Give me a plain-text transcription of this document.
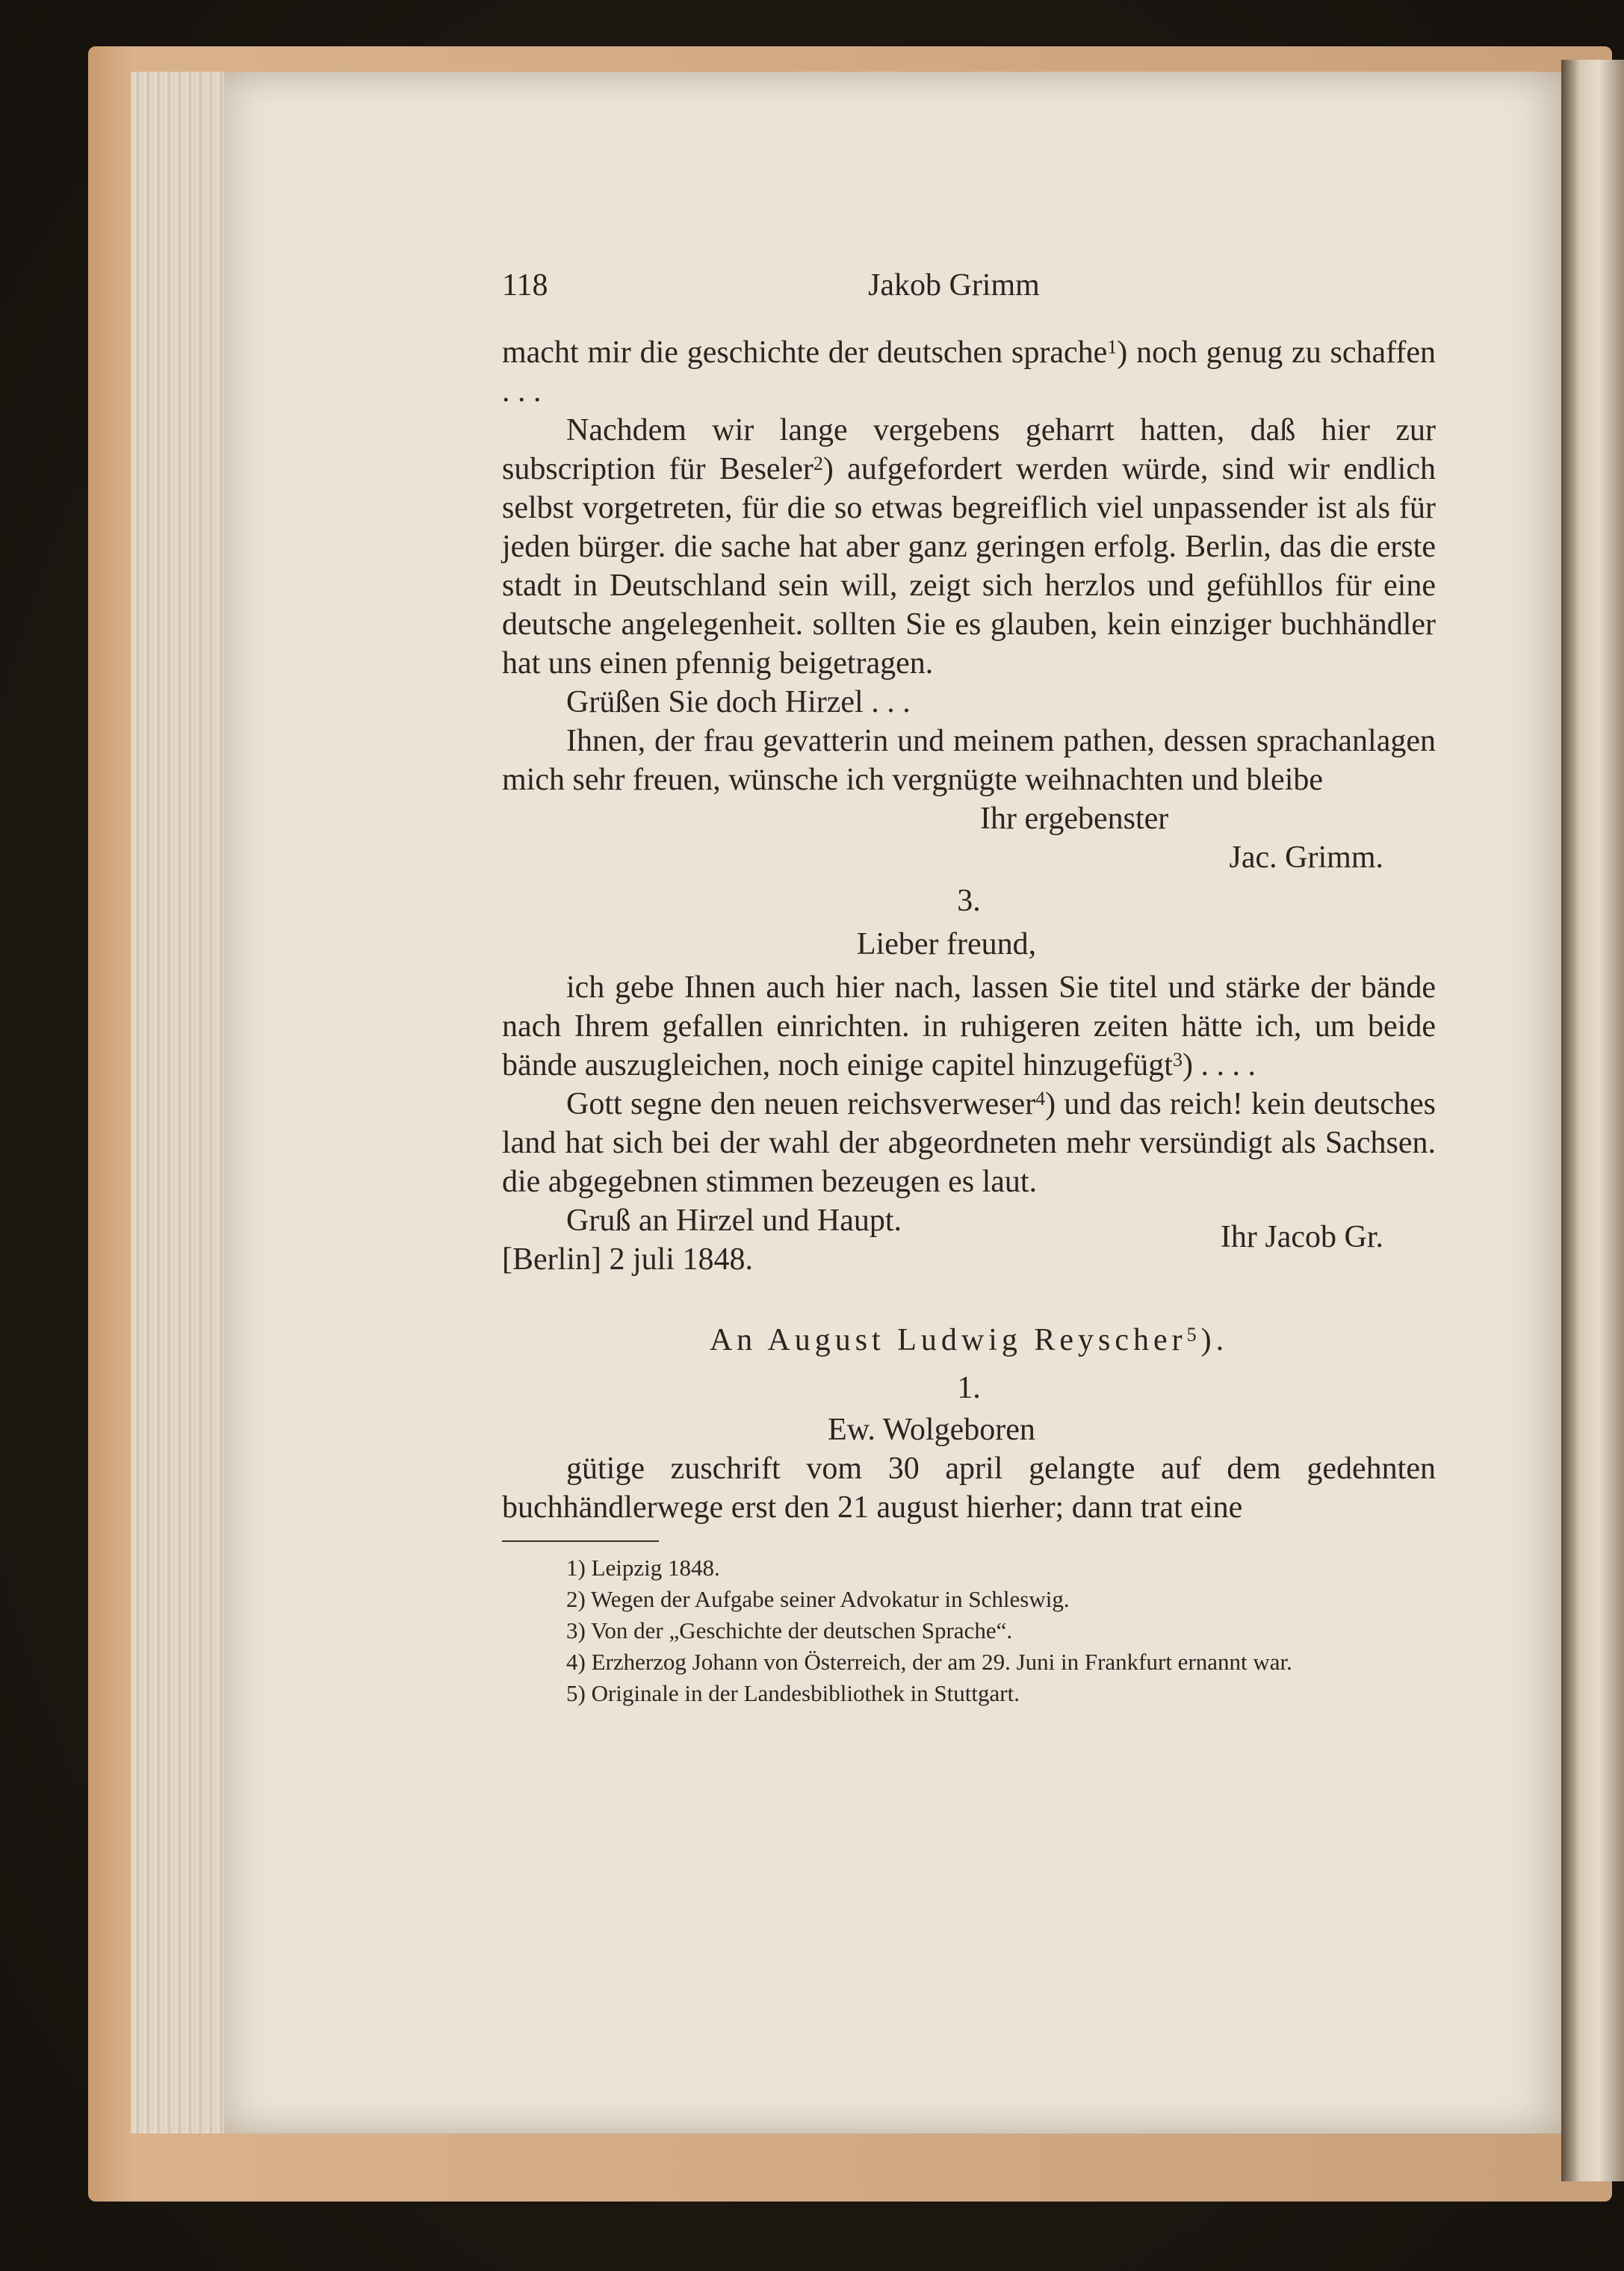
118	Jakob Grimm

macht mir die geschichte der deutschen sprache$^1$) noch genug zu schaffen . . .

Nachdem wir lange vergebens geharrt hatten, daß hier zur subscription für Beseler$^2$) aufgefordert werden würde, sind wir endlich selbst vorgetreten, für die so etwas begreiflich viel unpassender ist als für jeden bürger. die sache hat aber ganz geringen erfolg. Berlin, das die erste stadt in Deutschland sein will, zeigt sich herzlos und gefühllos für eine deutsche angelegenheit. sollten Sie es glauben, kein einziger buchhändler hat uns einen pfennig beigetragen.

Grüßen Sie doch Hirzel . . .

Ihnen, der frau gevatterin und meinem pathen, dessen sprachanlagen mich sehr freuen, wünsche ich vergnügte weihnachten und bleibe

Ihr ergebenster

Jac. Grimm.

3.

Lieber freund,

ich gebe Ihnen auch hier nach, lassen Sie titel und stärke der bände nach Ihrem gefallen einrichten. in ruhigeren zeiten hätte ich, um beide bände auszugleichen, noch einige capitel hinzugefügt$^3$) . . . .

Gott segne den neuen reichsverweser$^4$) und das reich! kein deutsches land hat sich bei der wahl der abgeordneten mehr versündigt als Sachsen. die abgegebnen stimmen bezeugen es laut.

Gruß an Hirzel und Haupt.	Ihr Jacob Gr.

[Berlin] 2 juli 1848.

An August Ludwig Reyscher$^5$).

1.

Ew. Wolgeboren

gütige zuschrift vom 30 april gelangte auf dem gedehnten buchhändlerwege erst den 21 august hierher; dann trat eine

1) Leipzig 1848.

2) Wegen der Aufgabe seiner Advokatur in Schleswig.

3) Von der „Geschichte der deutschen Sprache“.

4) Erzherzog Johann von Österreich, der am 29. Juni in Frankfurt ernannt war.

5) Originale in der Landesbibliothek in Stuttgart.
